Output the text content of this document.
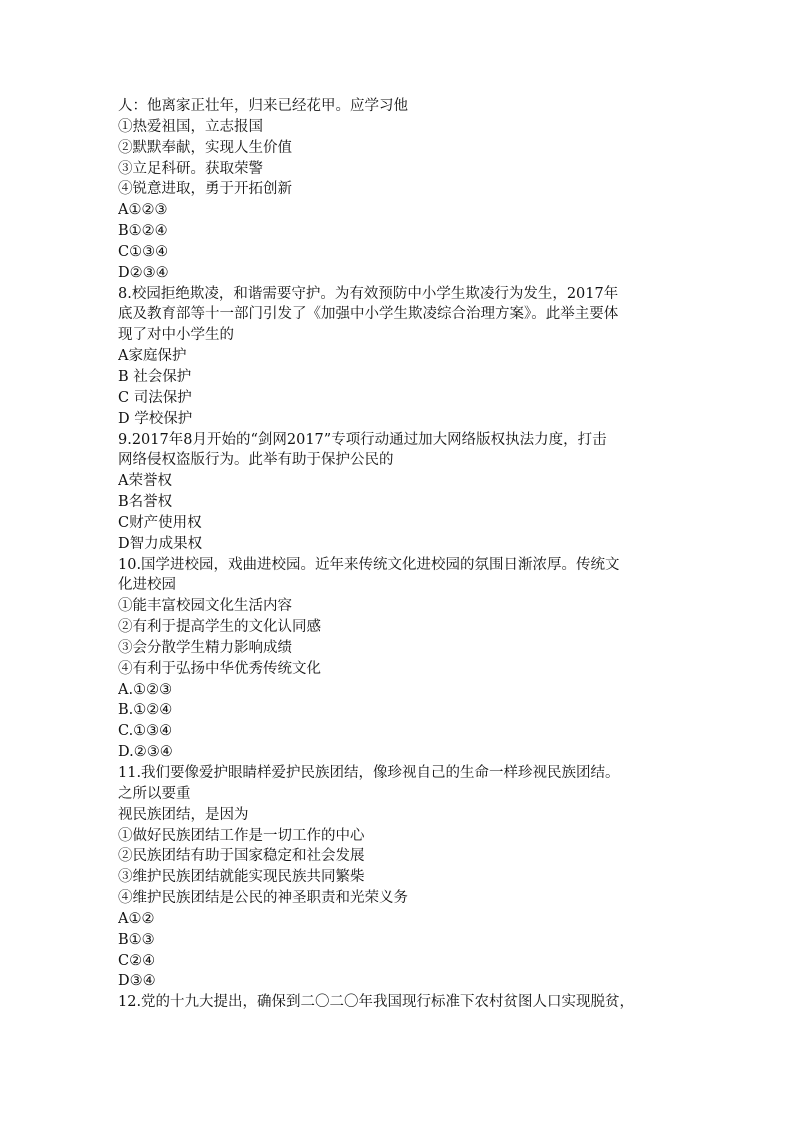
人：他离家正壮年，归来已经花甲。应学习他
①热爱祖国，立志报国
②默默奉献，实现人生价值
③立足科研。获取荣警
④锐意进取，勇于开拓创新
A①②③
B①②④
C①③④
D②③④
8.校园拒绝欺凌，和谐需要守护。为有效预防中小学生欺凌行为发生，2017年
底及教育部等十一部门引发了《加强中小学生欺凌综合治理方案》。此举主要体
现了对中小学生的
A家庭保护
B 社会保护
C 司法保护
D 学校保护
9.2017年8月开始的“剑网2017”专项行动通过加大网络版权执法力度，打击
网络侵权盗版行为。此举有助于保护公民的
A荣誉权
B名誉权
C财产使用权
D智力成果权
10.国学进校园，戏曲进校园。近年来传统文化进校园的氛围日渐浓厚。传统文
化进校园
①能丰富校园文化生活内容
②有利于提高学生的文化认同感
③会分散学生精力影响成绩
④有利于弘扬中华优秀传统文化
A.①②③
B.①②④
C.①③④
D.②③④
11.我们要像爱护眼睛样爱护民族团结，像珍视自己的生命一样珍视民族团结。
之所以要重
视民族团结，是因为
①做好民族团结工作是一切工作的中心
②民族团结有助于国家稳定和社会发展
③维护民族团结就能实现民族共同繁柴
④维护民族团结是公民的神圣职责和光荣义务
A①②
B①③
C②④
D③④
12.党的十九大提出，确保到二〇二〇年我国现行标准下农村贫图人口实现脱贫，
